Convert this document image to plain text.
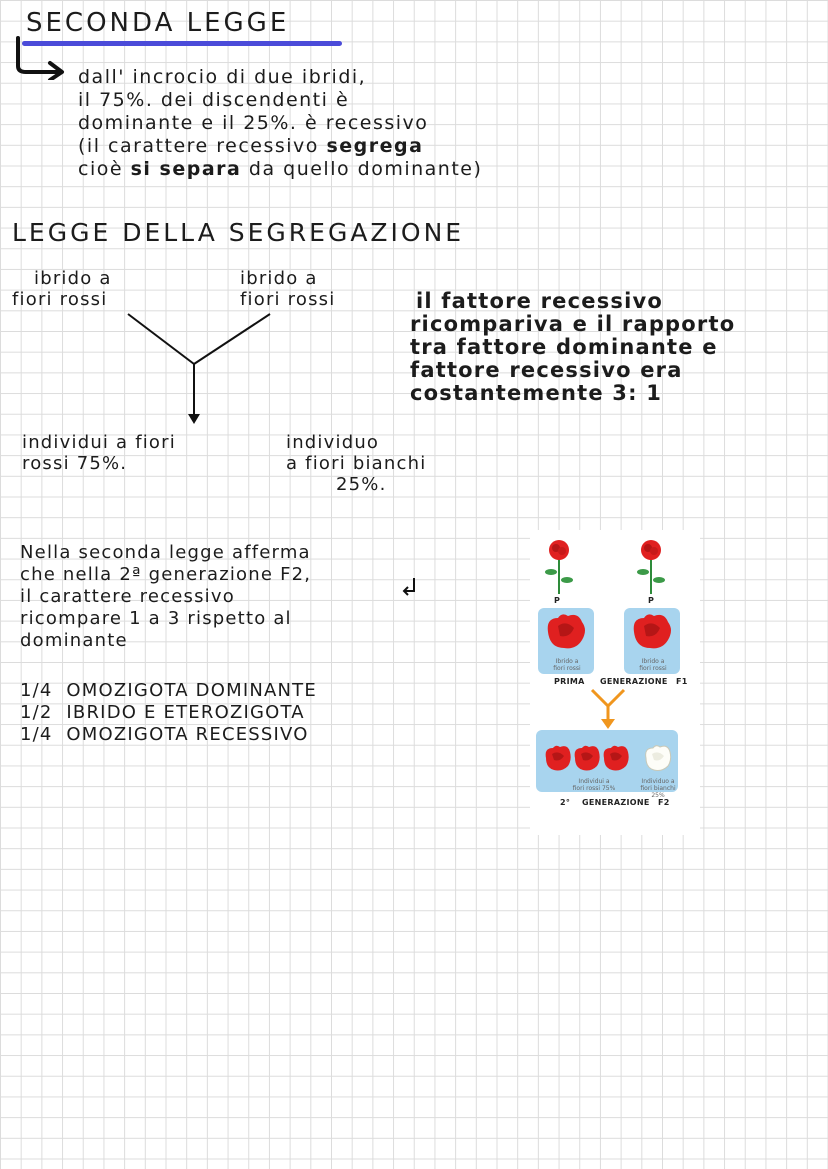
SECONDA LEGGE
dall' incrocio di due ibridi,
il 75%. dei discendenti è
dominante e il 25%. è recessivo
(il carattere recessivo segrega
cioè si separa da quello dominante)
LEGGE DELLA SEGREGAZIONE
ibrido a
fiori rossi
ibrido a
fiori rossi
individui a fiori
rossi 75%.
individuo
a fiori bianchi
25%.
il fattore recessivo
ricompariva e il rapporto
tra fattore dominante e
fattore recessivo era
costantemente 3: 1
Nella seconda legge afferma
che nella 2ª generazione F2,
il carattere recessivo
ricompare 1 a 3 rispetto al
dominante
1/4 OMOZIGOTA DOMINANTE
1/2 IBRIDO E ETEROZIGOTA
1/4 OMOZIGOTA RECESSIVO
P	P
Ibrido a fiori rossi
Ibrido a fiori rossi
PRIMA GENERAZIONE F1
Individui a fiori rossi 75%
Individuo a fiori bianchi 25%
2° GENERAZIONE F2
